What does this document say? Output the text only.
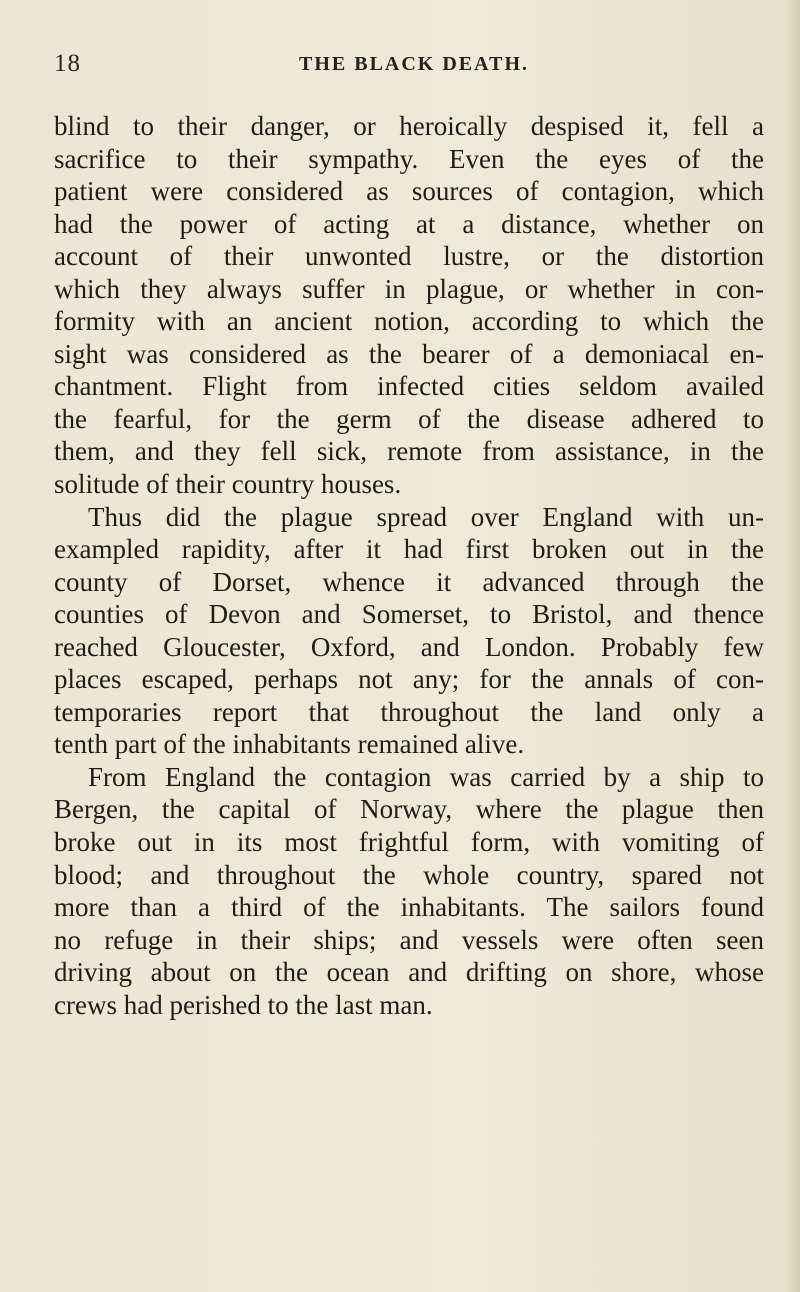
18	THE BLACK DEATH.
blind to their danger, or heroically despised it, fell a
sacrifice to their sympathy. Even the eyes of the
patient were considered as sources of contagion, which
had the power of acting at a distance, whether on
account of their unwonted lustre, or the distortion
which they always suffer in plague, or whether in con-
formity with an ancient notion, according to which the
sight was considered as the bearer of a demoniacal en-
chantment. Flight from infected cities seldom availed
the fearful, for the germ of the disease adhered to
them, and they fell sick, remote from assistance, in the
solitude of their country houses.
Thus did the plague spread over England with un-
exampled rapidity, after it had first broken out in the
county of Dorset, whence it advanced through the
counties of Devon and Somerset, to Bristol, and thence
reached Gloucester, Oxford, and London. Probably few
places escaped, perhaps not any; for the annals of con-
temporaries report that throughout the land only a
tenth part of the inhabitants remained alive.
From England the contagion was carried by a ship to
Bergen, the capital of Norway, where the plague then
broke out in its most frightful form, with vomiting of
blood; and throughout the whole country, spared not
more than a third of the inhabitants. The sailors found
no refuge in their ships; and vessels were often seen
driving about on the ocean and drifting on shore, whose
crews had perished to the last man.
